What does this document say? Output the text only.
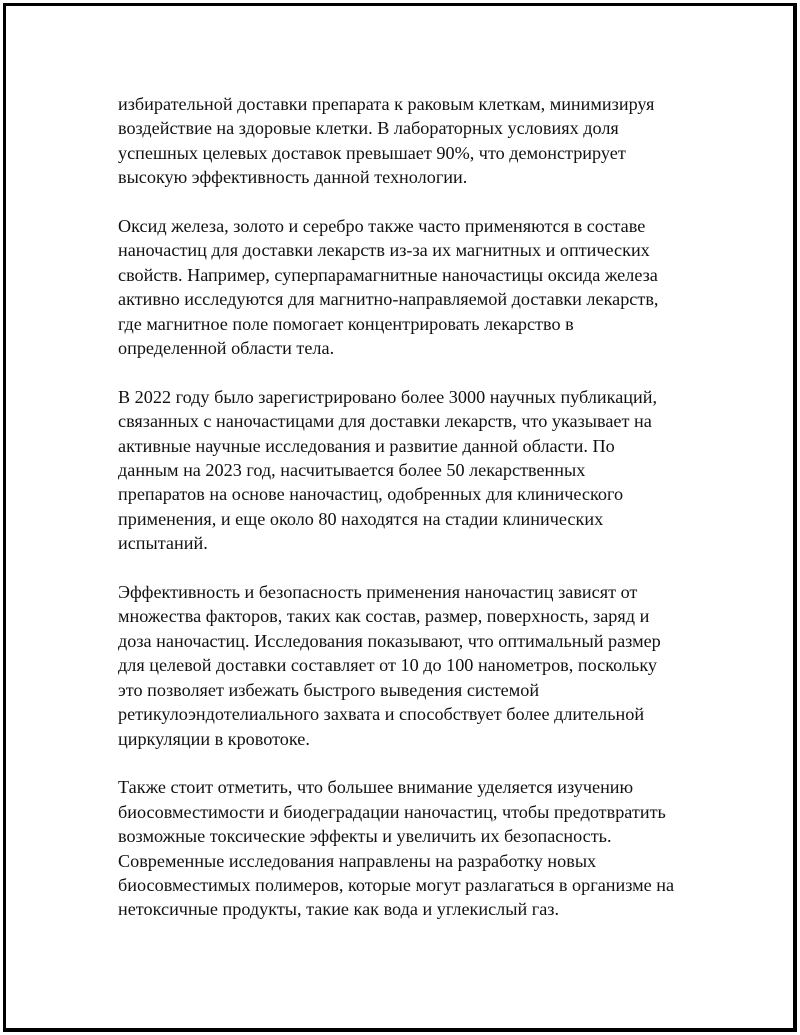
избирательной доставки препарата к раковым клеткам, минимизируя
воздействие на здоровые клетки. В лабораторных условиях доля
успешных целевых доставок превышает 90%, что демонстрирует
высокую эффективность данной технологии.

Оксид железа, золото и серебро также часто применяются в составе
наночастиц для доставки лекарств из-за их магнитных и оптических
свойств. Например, суперпарамагнитные наночастицы оксида железа
активно исследуются для магнитно-направляемой доставки лекарств,
где магнитное поле помогает концентрировать лекарство в
определенной области тела.

В 2022 году было зарегистрировано более 3000 научных публикаций,
связанных с наночастицами для доставки лекарств, что указывает на
активные научные исследования и развитие данной области. По
данным на 2023 год, насчитывается более 50 лекарственных
препаратов на основе наночастиц, одобренных для клинического
применения, и еще около 80 находятся на стадии клинических
испытаний.

Эффективность и безопасность применения наночастиц зависят от
множества факторов, таких как состав, размер, поверхность, заряд и
доза наночастиц. Исследования показывают, что оптимальный размер
для целевой доставки составляет от 10 до 100 нанометров, поскольку
это позволяет избежать быстрого выведения системой
ретикулоэндотелиального захвата и способствует более длительной
циркуляции в кровотоке.

Также стоит отметить, что большее внимание уделяется изучению
биосовместимости и биодеградации наночастиц, чтобы предотвратить
возможные токсические эффекты и увеличить их безопасность.
Современные исследования направлены на разработку новых
биосовместимых полимеров, которые могут разлагаться в организме на
нетоксичные продукты, такие как вода и углекислый газ.
